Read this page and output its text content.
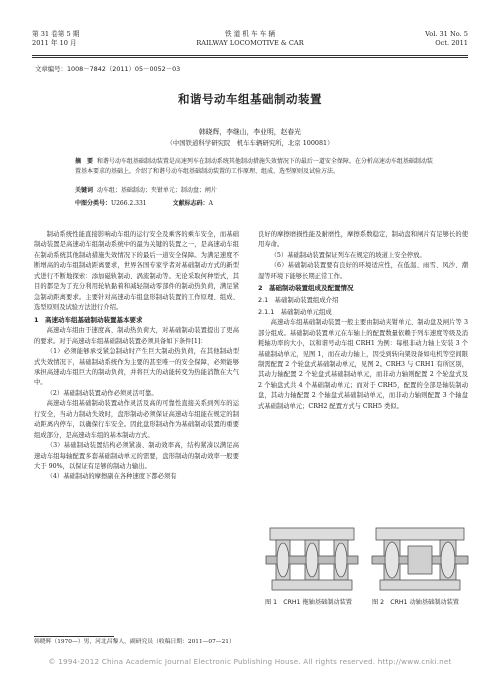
第 31 卷第 5 期
2011 年 10 月
铁 道 机 车 车 辆
RAILWAY LOCOMOTIVE & CAR
Vol. 31 No. 5
Oct. 2011
文章编号：1008－7842（2011）05－0052－03
和谐号动车组基础制动装置
韩晓辉，李继山，李业明，赵春光
（中国铁道科学研究院　机车车辆研究所，北京 100081）
摘　要 和谐号动车组基础制动装置是高速列车在制动系统其他制动措施失效情况下的最后一道安全保障。在分析高速动车组基础制动装置基本要求的基础上，介绍了和谐号动车组基础制动装置的工作原理、组成、选型原则及试验方法。
关键词 动车组；基础制动；夹钳单元；制动盘；闸片
中图分类号：U266.2.331	文献标志码：A

制动系统性能直接影响动车组的运行安全及乘客的乘车安全，而基础制动装置是高速动车组制动系统中的最为关键的装置之一，是高速动车组在制动系统其他制动措施失效情况下的最后一道安全保障。为满足速度不断增高的动车组制动距离要求，世界各国专家学者对基础制动方式的新型式进行不断地探索：添加磁轨制动、涡流制动等。无论采取何种型式，其目的都是为了充分利用轮轨黏着和减轻制动零部件的制动热负荷，满足紧急制动距离要求。主要针对高速动车组盘形制动装置的工作原理、组成、选型原则及试验方法进行介绍。

1　高速动车组基础制动装置基本要求

高速动车组由于速度高、制动热负荷大，对基础制动装置提出了更高的要求。对于高速动车组基础制动装置必须具备如下条件[1]：

（1）必须能够承受紧急制动时产生巨大制动热负荷，在其他制动型式失效情况下，基础制动系统作为主要的甚至唯一的安全保障，必须能够承担高速动车组巨大的制动负荷，并将巨大的动能转变为热能消散在大气中。

（2）基础制动装置动作必须灵活可靠。

高速动车组基础制动装置动作灵活及高的可靠性直接关系到列车的运行安全，当动力制动失效时，盘形制动必须保证高速动车组能在规定的制动距离内停车，以确保行车安全。因此盘形制动作为基础制动装置的重要组成部分，是高速动车组的基本制动方式。

（3）基础制动装置结构必须紧凑、制动效率高，结构紧凑以满足高速动车组每轴配置多套基础制动单元的需要，盘形制动的制动效率一般要大于 90%，以保证有足够的制动力输出。

（4）基础制动的摩擦副在各种速度下都必须有

良好的摩擦磨损性能及耐磨性，摩擦系数稳定，制动盘和闸片有足够长的使用寿命。

（5）基础制动装置保证列车在规定的坡道上安全停放。

（6）基础制动装置要有良好的环境适应性，在低温、雨雪、风沙、潮湿等环境下能够长期正常工作。

2　基础制动装置组成及配置情况
2.1　基础制动装置组成介绍
2.1.1　基础制动单元组成

高速动车组基础制动装置一般主要由制动夹钳单元、制动盘及闸片等 3 部分组成。基础制动装置单元在车轴上的配置数量依赖于列车速度等级及消耗轴功率的大小，以和谐号动车组 CRH1 为例：每根非动力轴上安装 3 个基础制动单元，见图 1，而在动力轴上，因受到转向架设备如电机等空间限制需配置 2 个轮盘式基础制动单元，见图 2。CRH3 与 CRH1 有所区别，其动力轴配置 2 个轮盘式基础制动单元，而非动力轴则配置 2 个轮盘式及 2 个轴盘式共 4 个基础制动单元；而对于 CRH5，配置的全部是轴装制动盘，其动力轴配置 2 个轴盘式基础制动单元，而非动力轴则配置 3 个轴盘式基础制动单元；CRH2 配置方式与 CRH5 类似。

图 1　CRH1 拖轴基础制动装置	图 2　CRH1 动轴基础制动装置
韩晓辉（1970—）男，河北昌黎人，副研究员（收稿日期：2011—07—21）
© 1994-2012 China Academic Journal Electronic Publishing House. All rights reserved. http://www.cnki.net
